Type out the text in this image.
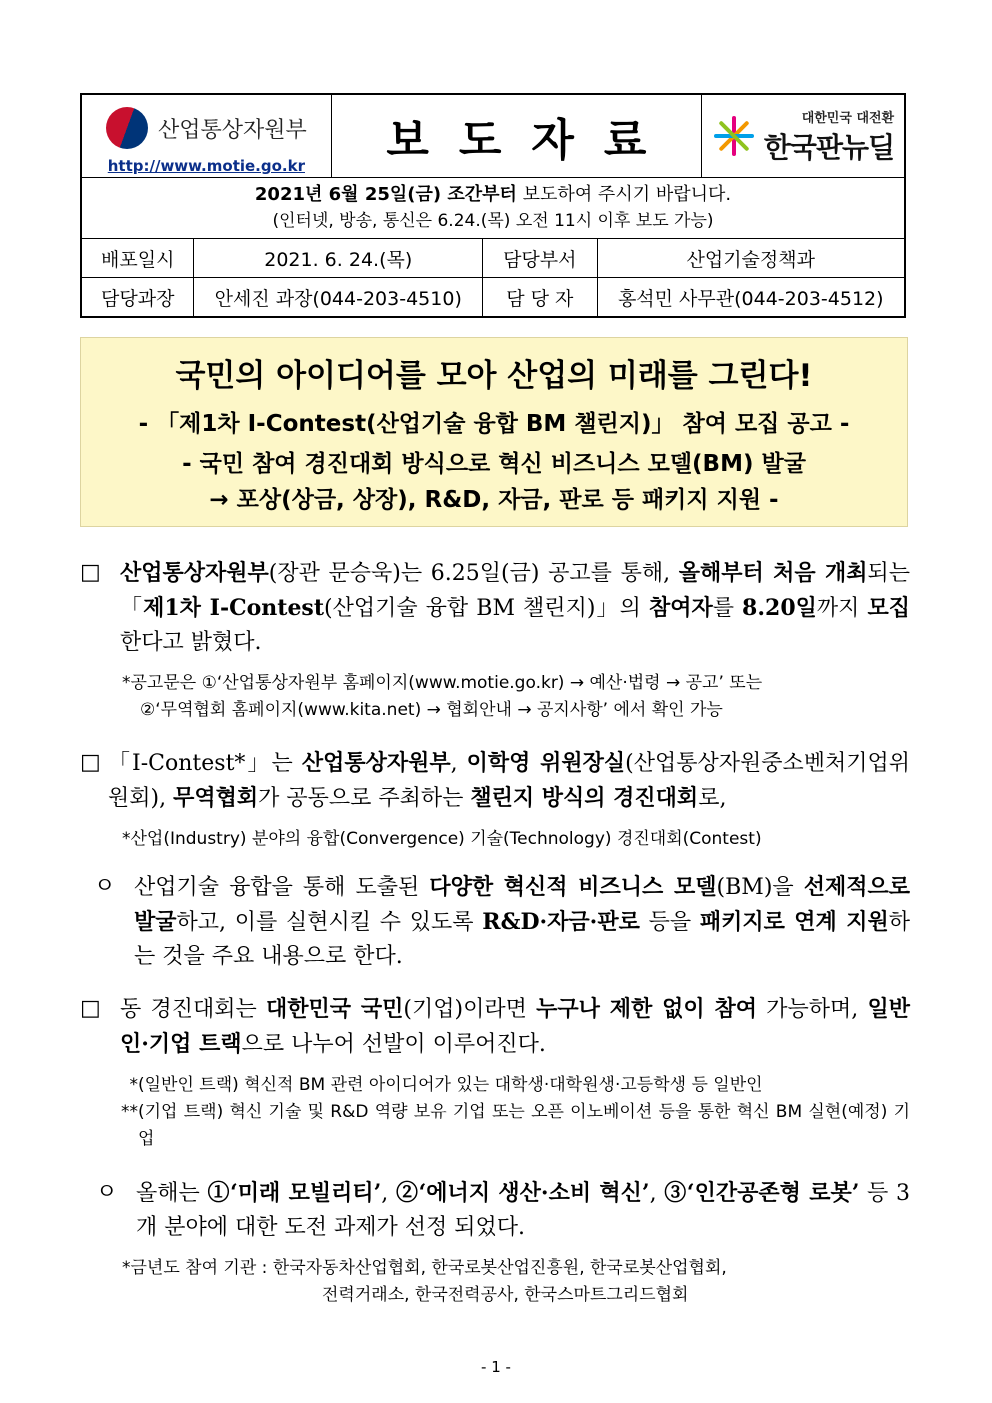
산업통상자원부
http://www.motie.go.kr	보도자료	대한민국 대전환
한국판뉴딜
2021년 6월 25일(금) 조간부터 보도하여 주시기 바랍니다.
(인터넷, 방송, 통신은 6.24.(목) 오전 11시 이후 보도 가능)
배포일시	2021. 6. 24.(목)	담당부서	산업기술정책과
담당과장	안세진 과장(044-203-4510)	담 당 자	홍석민 사무관(044-203-4512)
국민의 아이디어를 모아 산업의 미래를 그린다!
- 「제1차 I-Contest(산업기술 융합 BM 챌린지)」 참여 모집 공고 -
- 국민 참여 경진대회 방식으로 혁신 비즈니스 모델(BM) 발굴
→ 포상(상금, 상장), R&D, 자금, 판로 등 패키지 지원 -
□ 산업통상자원부(장관 문승욱)는 6.25일(금) 공고를 통해, 올해부터 처음 개최되는 「제1차 I-Contest(산업기술 융합 BM 챌린지)」의 참여자를 8.20일까지 모집한다고 밝혔다.
* 공고문은 ①‘산업통상자원부 홈페이지(www.motie.go.kr) → 예산·법령 → 공고’ 또는
②‘무역협회 홈페이지(www.kita.net) → 협회안내 → 공지사항’ 에서 확인 가능
□ 「I-Contest*」는 산업통상자원부, 이학영 위원장실(산업통상자원중소벤처기업위원회), 무역협회가 공동으로 주최하는 챌린지 방식의 경진대회로,
* 산업(Industry) 분야의 융합(Convergence) 기술(Technology) 경진대회(Contest)
ㅇ 산업기술 융합을 통해 도출된 다양한 혁신적 비즈니스 모델(BM)을 선제적으로 발굴하고, 이를 실현시킬 수 있도록 R&D·자금·판로 등을 패키지로 연계 지원하는 것을 주요 내용으로 한다.
□ 동 경진대회는 대한민국 국민(기업)이라면 누구나 제한 없이 참여 가능하며, 일반인·기업 트랙으로 나누어 선발이 이루어진다.
* (일반인 트랙) 혁신적 BM 관련 아이디어가 있는 대학생·대학원생·고등학생 등 일반인
** (기업 트랙) 혁신 기술 및 R&D 역량 보유 기업 또는 오픈 이노베이션 등을 통한 혁신 BM 실현(예정) 기업
ㅇ 올해는 ①‘미래 모빌리티’, ②‘에너지 생산·소비 혁신’, ③‘인간공존형 로봇’ 등 3개 분야에 대한 도전 과제가 선정 되었다.
* 금년도 참여 기관 : 한국자동차산업협회, 한국로봇산업진흥원, 한국로봇산업협회,
전력거래소, 한국전력공사, 한국스마트그리드협회
- 1 -
